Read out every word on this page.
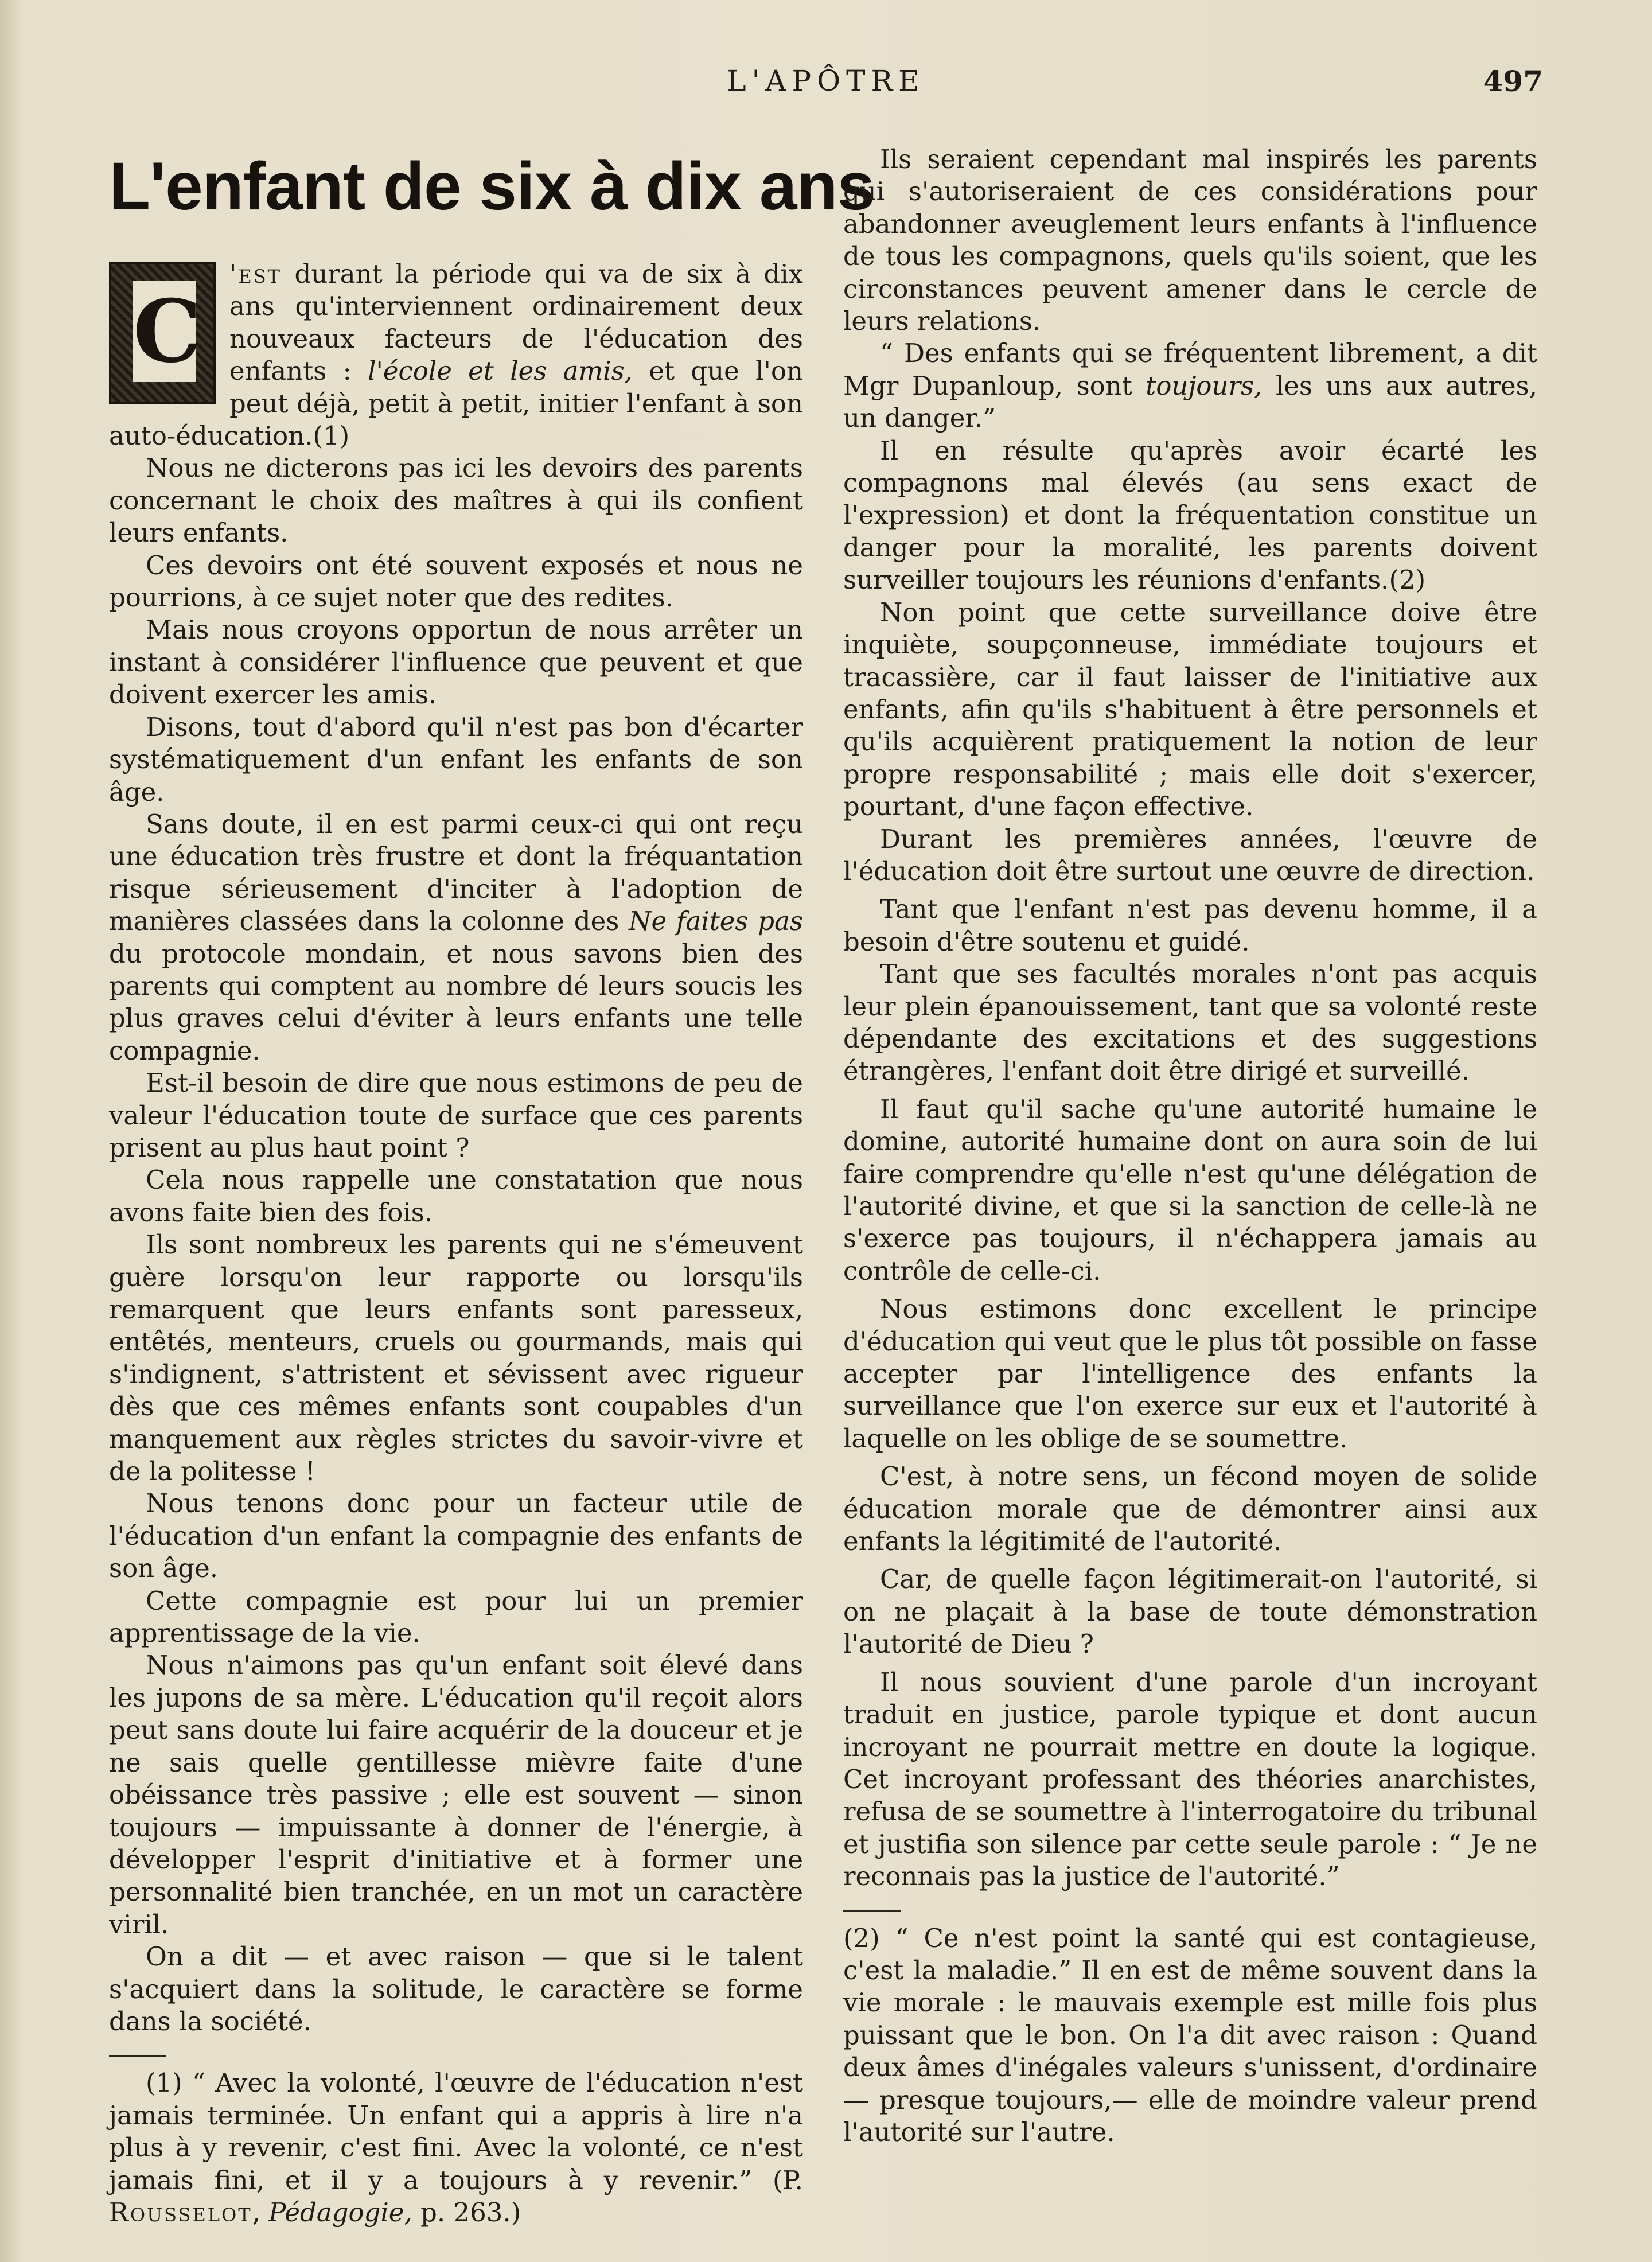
L'APÔTRE	497
L'enfant de six à dix ans

C
'est durant la période qui va de six à dix ans qu'interviennent ordinairement deux nouveaux facteurs de l'éducation des enfants : l'école et les amis, et que l'on peut déjà, petit à petit, initier l'enfant à son auto-éducation.(1)

Nous ne dicterons pas ici les devoirs des parents concernant le choix des maîtres à qui ils confient leurs enfants.

Ces devoirs ont été souvent exposés et nous ne pourrions, à ce sujet noter que des redites.

Mais nous croyons opportun de nous arrêter un instant à considérer l'influence que peuvent et que doivent exercer les amis.

Disons, tout d'abord qu'il n'est pas bon d'écarter systématiquement d'un enfant les enfants de son âge.

Sans doute, il en est parmi ceux-ci qui ont reçu une éducation très frustre et dont la fréquantation risque sérieusement d'inciter à l'adoption de manières classées dans la colonne des Ne faites pas du protocole mondain, et nous savons bien des parents qui comptent au nombre dé leurs soucis les plus graves celui d'éviter à leurs enfants une telle compagnie.

Est-il besoin de dire que nous estimons de peu de valeur l'éducation toute de surface que ces parents prisent au plus haut point ?

Cela nous rappelle une constatation que nous avons faite bien des fois.

Ils sont nombreux les parents qui ne s'émeuvent guère lorsqu'on leur rapporte ou lorsqu'ils remarquent que leurs enfants sont paresseux, entêtés, menteurs, cruels ou gourmands, mais qui s'indignent, s'attristent et sévissent avec rigueur dès que ces mêmes enfants sont coupables d'un manquement aux règles strictes du savoir-vivre et de la politesse !

Nous tenons donc pour un facteur utile de l'éducation d'un enfant la compagnie des enfants de son âge.

Cette compagnie est pour lui un premier apprentissage de la vie.

Nous n'aimons pas qu'un enfant soit élevé dans les jupons de sa mère. L'éducation qu'il reçoit alors peut sans doute lui faire acquérir de la douceur et je ne sais quelle gentillesse mièvre faite d'une obéissance très passive ; elle est souvent — sinon toujours — impuissante à donner de l'énergie, à développer l'esprit d'initiative et à former une personnalité bien tranchée, en un mot un caractère viril.

On a dit — et avec raison — que si le talent s'acquiert dans la solitude, le caractère se forme dans la société.

(1) “ Avec la volonté, l'œuvre de l'éducation n'est jamais terminée. Un enfant qui a appris à lire n'a plus à y revenir, c'est fini. Avec la volonté, ce n'est jamais fini, et il y a toujours à y revenir.” (P. Rousselot, Pédagogie, p. 263.)

Ils seraient cependant mal inspirés les parents qui s'autoriseraient de ces considérations pour abandonner aveuglement leurs enfants à l'influence de tous les compagnons, quels qu'ils soient, que les circonstances peuvent amener dans le cercle de leurs relations.

“ Des enfants qui se fréquentent librement, a dit Mgr Dupanloup, sont toujours, les uns aux autres, un danger.”

Il en résulte qu'après avoir écarté les compagnons mal élevés (au sens exact de l'expression) et dont la fréquentation constitue un danger pour la moralité, les parents doivent surveiller toujours les réunions d'enfants.(2)

Non point que cette surveillance doive être inquiète, soupçonneuse, immédiate toujours et tracassière, car il faut laisser de l'initiative aux enfants, afin qu'ils s'habituent à être personnels et qu'ils acquièrent pratiquement la notion de leur propre responsabilité ; mais elle doit s'exercer, pourtant, d'une façon effective.

Durant les premières années, l'œuvre de l'éducation doit être surtout une œuvre de direction.

Tant que l'enfant n'est pas devenu homme, il a besoin d'être soutenu et guidé.

Tant que ses facultés morales n'ont pas acquis leur plein épanouissement, tant que sa volonté reste dépendante des excitations et des suggestions étrangères, l'enfant doit être dirigé et surveillé.

Il faut qu'il sache qu'une autorité humaine le domine, autorité humaine dont on aura soin de lui faire comprendre qu'elle n'est qu'une délégation de l'autorité divine, et que si la sanction de celle-là ne s'exerce pas toujours, il n'échappera jamais au contrôle de celle-ci.

Nous estimons donc excellent le principe d'éducation qui veut que le plus tôt possible on fasse accepter par l'intelligence des enfants la surveillance que l'on exerce sur eux et l'autorité à laquelle on les oblige de se soumettre.

C'est, à notre sens, un fécond moyen de solide éducation morale que de démontrer ainsi aux enfants la légitimité de l'autorité.

Car, de quelle façon légitimerait-on l'autorité, si on ne plaçait à la base de toute démonstration l'autorité de Dieu ?

Il nous souvient d'une parole d'un incroyant traduit en justice, parole typique et dont aucun incroyant ne pourrait mettre en doute la logique. Cet incroyant professant des théories anarchistes, refusa de se soumettre à l'interrogatoire du tribunal et justifia son silence par cette seule parole : “ Je ne reconnais pas la justice de l'autorité.”

(2) “ Ce n'est point la santé qui est contagieuse, c'est la maladie.” Il en est de même souvent dans la vie morale : le mauvais exemple est mille fois plus puissant que le bon. On l'a dit avec raison : Quand deux âmes d'inégales valeurs s'unissent, d'ordinaire — presque toujours,— elle de moindre valeur prend l'autorité sur l'autre.
